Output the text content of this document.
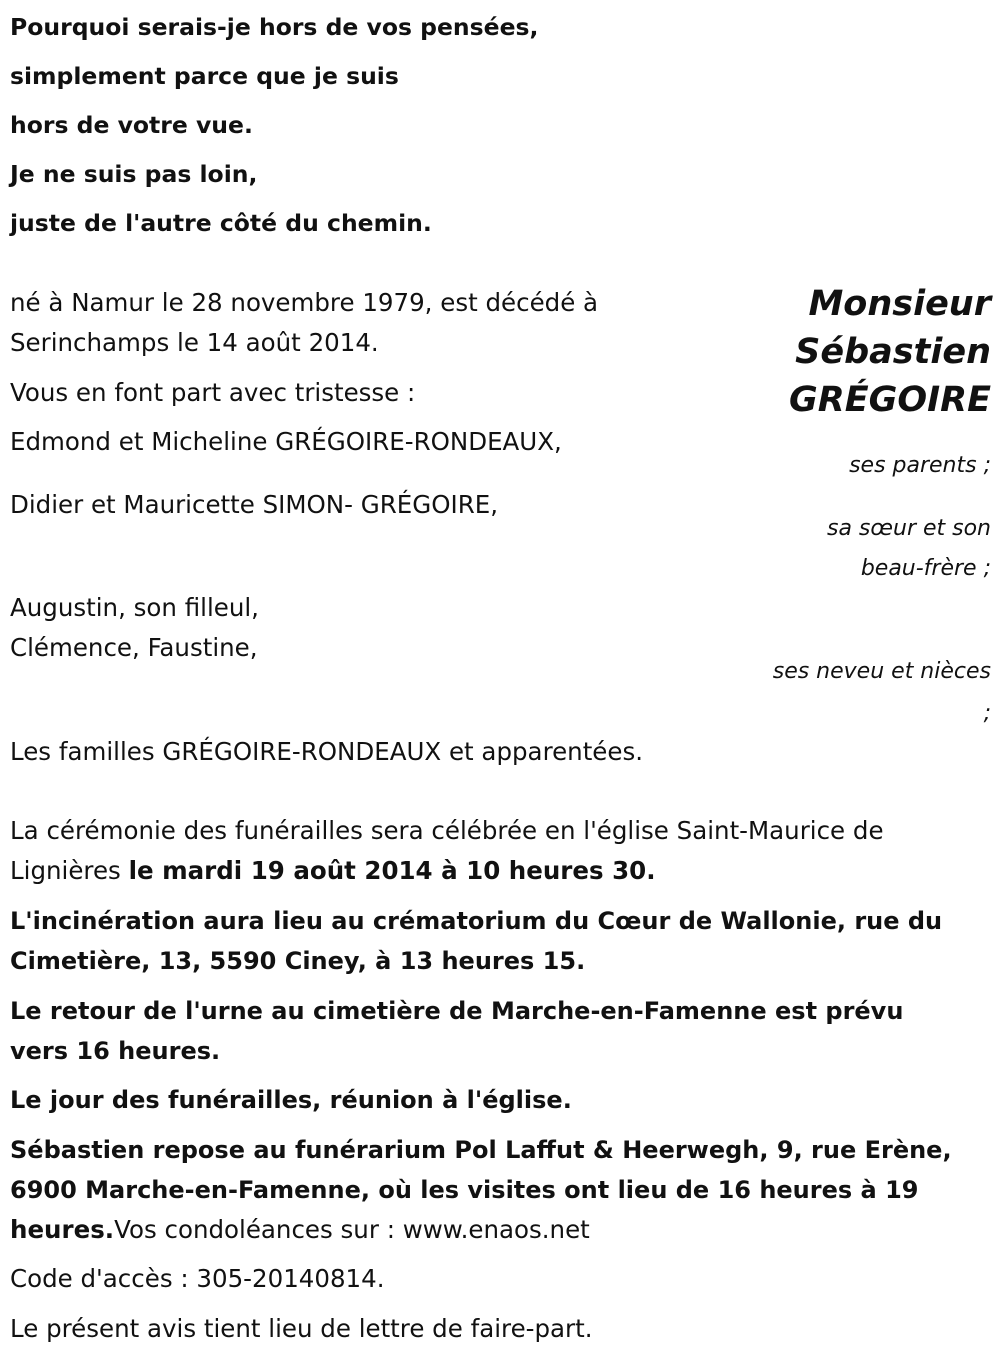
Pourquoi serais-je hors de vos pensées,
simplement parce que je suis
hors de votre vue.
Je ne suis pas loin,
juste de l'autre côté du chemin.
Monsieur
Sébastien
GRÉGOIRE
né à Namur le 28 novembre 1979, est décédé à
Serinchamps le 14 août 2014.
Vous en font part avec tristesse :
Edmond et Micheline GRÉGOIRE-RONDEAUX,
ses parents ;
Didier et Mauricette SIMON- GRÉGOIRE,
sa sœur et son
beau-frère ;
Augustin, son filleul,
Clémence, Faustine,
ses neveu et nièces
;
Les familles GRÉGOIRE-RONDEAUX et apparentées.
La cérémonie des funérailles sera célébrée en l'église Saint-Maurice de
Lignières le mardi 19 août 2014 à 10 heures 30.
L'incinération aura lieu au crématorium du Cœur de Wallonie, rue du
Cimetière, 13, 5590 Ciney, à 13 heures 15.
Le retour de l'urne au cimetière de Marche-en-Famenne est prévu
vers 16 heures.
Le jour des funérailles, réunion à l'église.
Sébastien repose au funérarium Pol Laffut & Heerwegh, 9, rue Erène,
6900 Marche-en-Famenne, où les visites ont lieu de 16 heures à 19
heures.Vos condoléances sur : www.enaos.net
Code d'accès : 305-20140814.
Le présent avis tient lieu de lettre de faire-part.
